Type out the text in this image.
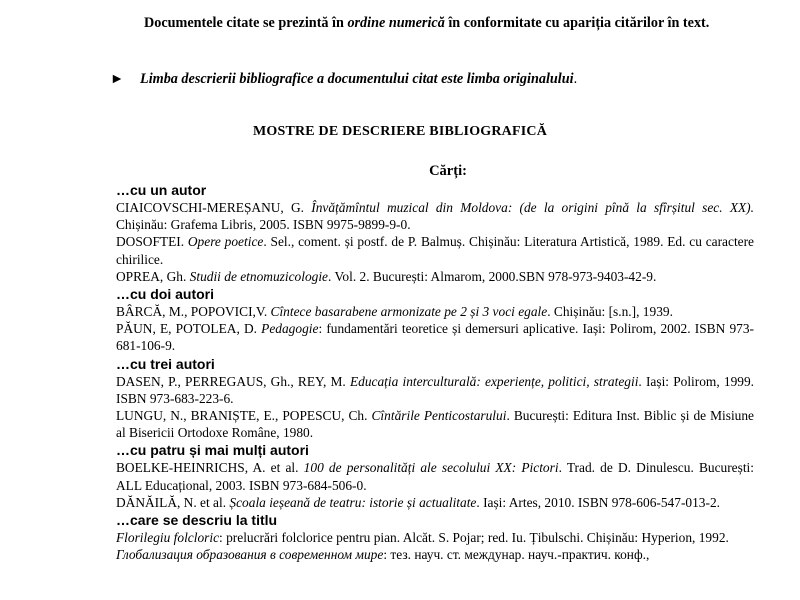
Documentele citate se prezintă în ordine numerică în conformitate cu apariția citărilor în text.
► Limba descrierii bibliografice a documentului citat este limba originalului.
MOSTRE DE DESCRIERE BIBLIOGRAFICĂ
Cărți:
…cu un autor
CIAICOVSCHI-MEREȘANU, G. Învățămîntul muzical din Moldova: (de la origini pînă la sfîrșitul sec. XX). Chișinău: Grafema Libris, 2005. ISBN 9975-9899-9-0.
DOSOFTEI. Opere poetice. Sel., coment. și postf. de P. Balmuș. Chișinău: Literatura Artistică, 1989. Ed. cu caractere chirilice.
OPREA, Gh. Studii de etnomuzicologie. Vol. 2. București: Almarom, 2000.SBN 978-973-9403-42-9.
…cu doi autori
BÂRCĂ, M., POPOVICI,V. Cîntece basarabene armonizate pe 2 și 3 voci egale. Chișinău: [s.n.], 1939.
PĂUN, E, POTOLEA, D. Pedagogie: fundamentări teoretice și demersuri aplicative. Iași: Polirom, 2002. ISBN 973-681-106-9.
…cu trei autori
DASEN, P., PERREGAUS, Gh., REY, M. Educația interculturală: experiențe, politici, strategii. Iași: Polirom, 1999. ISBN 973-683-223-6.
LUNGU, N., BRANIȘTE, E., POPESCU, Ch. Cîntările Penticostarului. București: Editura Inst. Biblic și de Misiune al Bisericii Ortodoxe Române, 1980.
…cu patru și mai mulți autori
BOELKE-HEINRICHS, A. et al. 100 de personalități ale secolului XX: Pictori. Trad. de D. Dinulescu. București: ALL Educațional, 2003. ISBN 973-684-506-0.
DĂNĂILĂ, N. et al. Școala ieșeană de teatru: istorie și actualitate. Iași: Artes, 2010. ISBN 978-606-547-013-2.
…care se descriu la titlu
Florilegiu folcloric: prelucrări folclorice pentru pian. Alcăt. S. Pojar; red. Iu. Țibulschi. Chișinău: Hyperion, 1992.
Глобализация образования в современном мире: тез. науч. ст. междунар. науч.-практич. конф.,
